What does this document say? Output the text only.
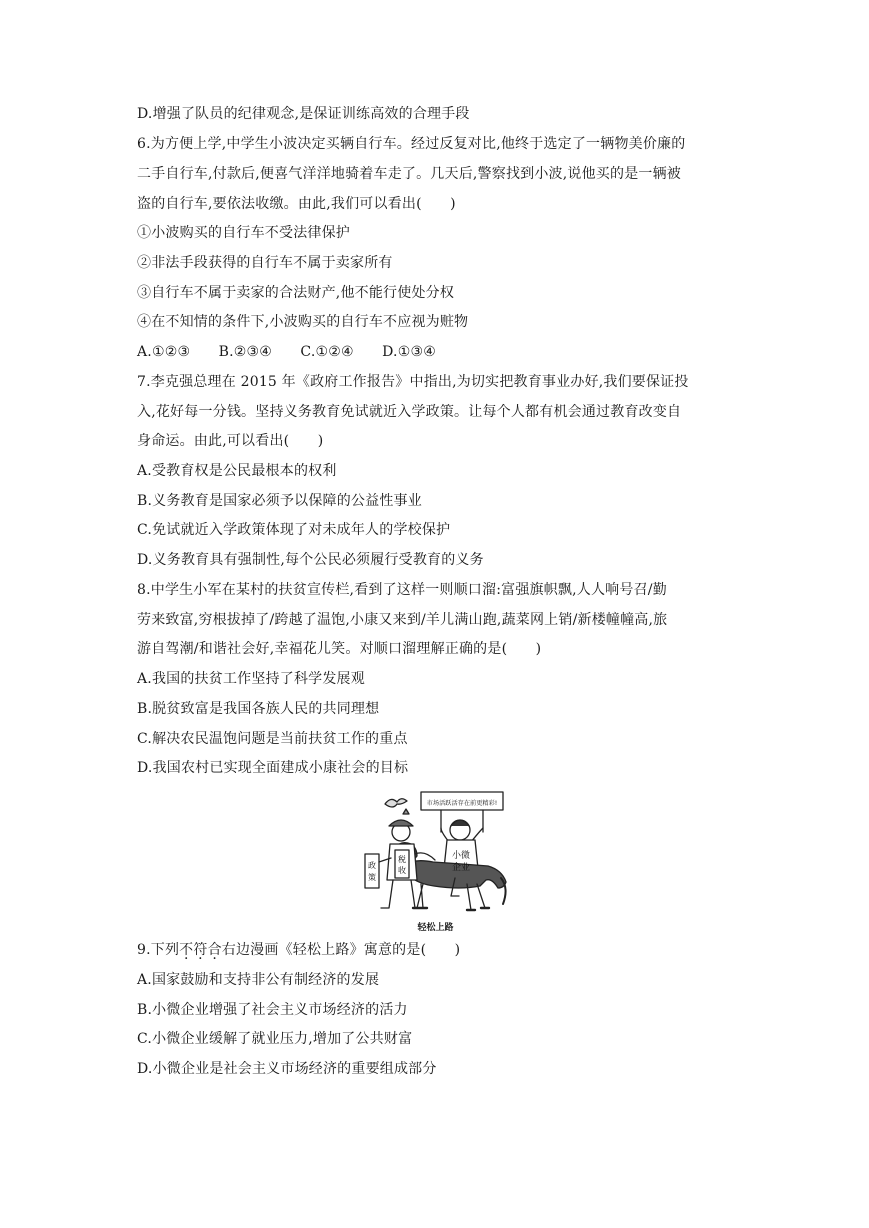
D.增强了队员的纪律观念,是保证训练高效的合理手段
6.为方便上学,中学生小波决定买辆自行车。经过反复对比,他终于选定了一辆物美价廉的
二手自行车,付款后,便喜气洋洋地骑着车走了。几天后,警察找到小波,说他买的是一辆被
盗的自行车,要依法收缴。由此,我们可以看出(　　)
①小波购买的自行车不受法律保护
②非法手段获得的自行车不属于卖家所有
③自行车不属于卖家的合法财产,他不能行使处分权
④在不知情的条件下,小波购买的自行车不应视为赃物
A.①②③　　B.②③④　　C.①②④　　D.①③④
7.李克强总理在 2015 年《政府工作报告》中指出,为切实把教育事业办好,我们要保证投
入,花好每一分钱。坚持义务教育免试就近入学政策。让每个人都有机会通过教育改变自
身命运。由此,可以看出(　　)
A.受教育权是公民最根本的权利
B.义务教育是国家必须予以保障的公益性事业
C.免试就近入学政策体现了对未成年人的学校保护
D.义务教育具有强制性,每个公民必须履行受教育的义务
8.中学生小军在某村的扶贫宣传栏,看到了这样一则顺口溜:富强旗帜飘,人人响号召/勤
劳来致富,穷根拔掉了/跨越了温饱,小康又来到/羊儿满山跑,蔬菜网上销/新楼幢幢高,旅
游自驾潮/和谐社会好,幸福花儿笑。对顺口溜理解正确的是(　　)
A.我国的扶贫工作坚持了科学发展观
B.脱贫致富是我国各族人民的共同理想
C.解决农民温饱问题是当前扶贫工作的重点
D.我国农村已实现全面建成小康社会的目标
市场活跃活存在前更精彩!
小微
企业
政
策
税
收
轻松上路
9.下列不符合右边漫画《轻松上路》寓意的是(　　)
A.国家鼓励和支持非公有制经济的发展
B.小微企业增强了社会主义市场经济的活力
C.小微企业缓解了就业压力,增加了公共财富
D.小微企业是社会主义市场经济的重要组成部分
